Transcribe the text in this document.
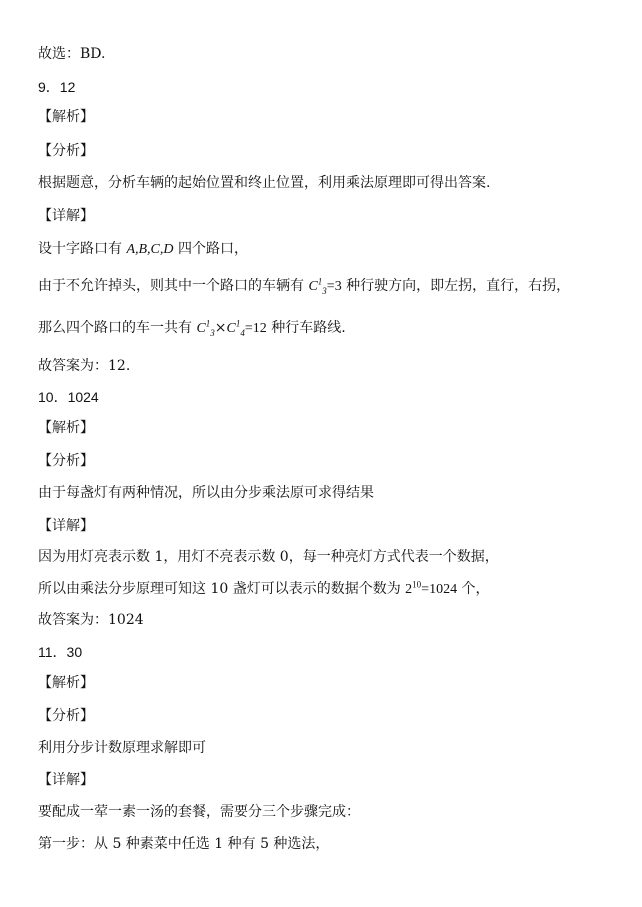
故选：BD.
9．12
【解析】
【分析】
根据题意，分析车辆的起始位置和终止位置，利用乘法原理即可得出答案.
【详解】
设十字路口有 A,B,C,D 四个路口，
由于不允许掉头，则其中一个路口的车辆有 $C^1_3=3$ 种行驶方向，即左拐，直行，右拐，
那么四个路口的车一共有 $C^1_3\times C^1_4=12$ 种行车路线.
故答案为：12.
10．1024
【解析】
【分析】
由于每盏灯有两种情况，所以由分步乘法原可求得结果
【详解】
因为用灯亮表示数 1，用灯不亮表示数 0，每一种亮灯方式代表一个数据，
所以由乘法分步原理可知这 10 盏灯可以表示的数据个数为 $2^{10}=1024$ 个，
故答案为：1024
11．30
【解析】
【分析】
利用分步计数原理求解即可
【详解】
要配成一荤一素一汤的套餐，需要分三个步骤完成：
第一步：从 5 种素菜中任选 1 种有 5 种选法，
